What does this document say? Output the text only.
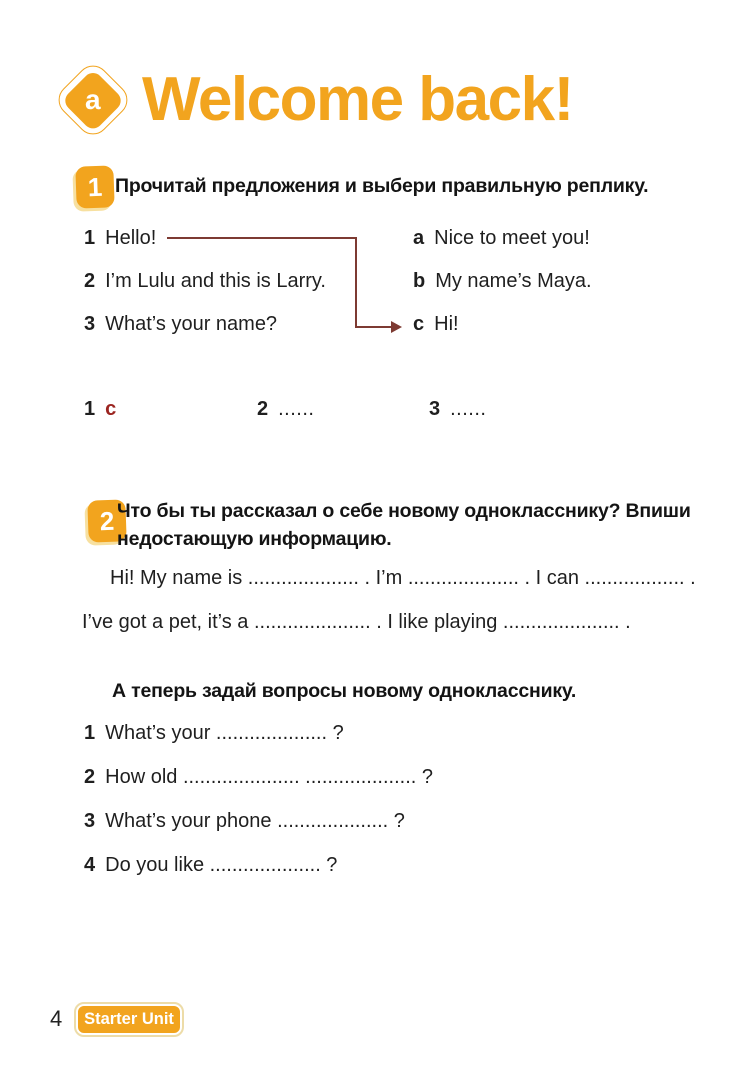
a Welcome back!
1 Прочитай предложения и выбери правильную реплику.

1 Hello!
2 I’m Lulu and this is Larry.
3 What’s your name?
a Nice to meet you!
b My name’s Maya.
c Hi!
1 c	2 ......	3 ......
2 Что бы ты рассказал о себе новому однокласснику? Впиши недостающую информацию.

Hi! My name is .................... . I’m .................... . I can .................. .

I’ve got a pet, it’s a ..................... . I like playing ..................... .

А теперь задай вопросы новому однокласснику.

1 What’s your .................... ?
2 How old ..................... .................... ?
3 What’s your phone .................... ?
4 Do you like .................... ?
4 Starter Unit
